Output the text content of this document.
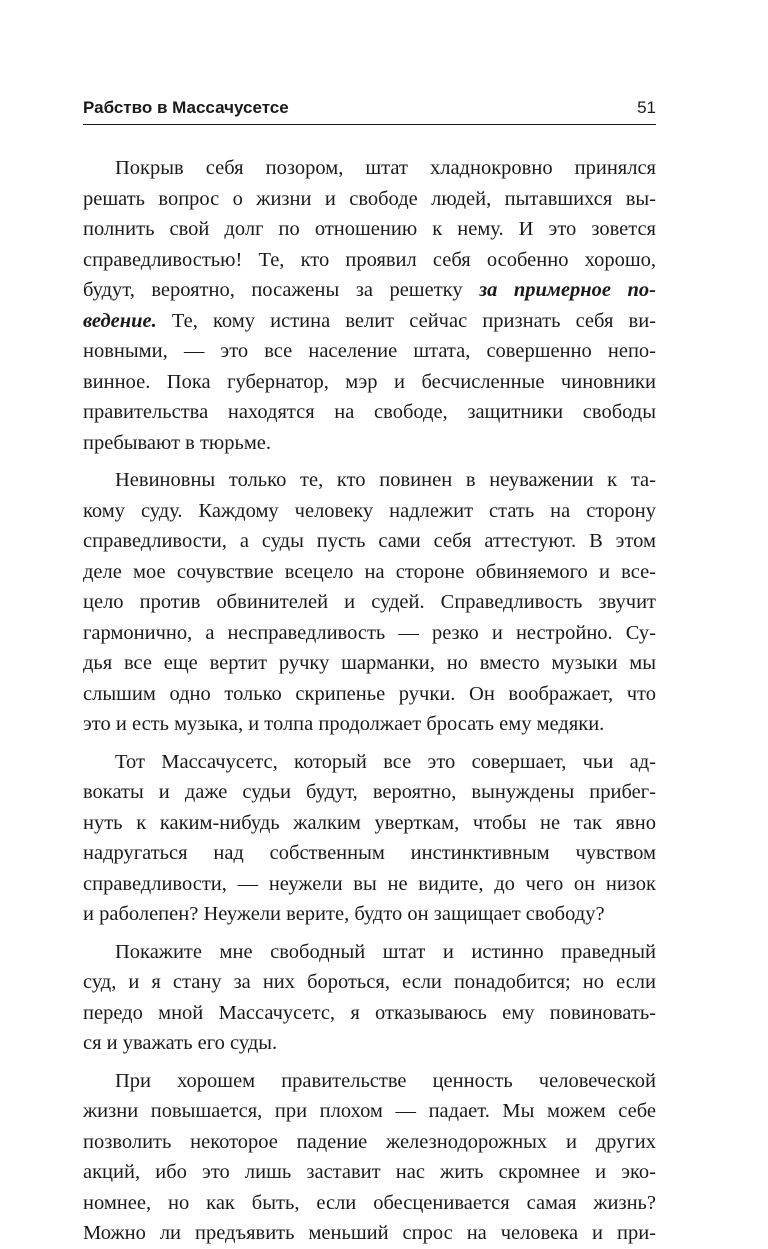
Рабство в Массачусетсе	51
Покрыв себя позором, штат хладнокровно принялся
решать вопрос о жизни и свободе людей, пытавшихся вы-
полнить свой долг по отношению к нему. И это зовется
справедливостью! Те, кто проявил себя особенно хорошо,
будут, вероятно, посажены за решетку за примерное по-
ведение. Те, кому истина велит сейчас признать себя ви-
новными, — это все население штата, совершенно непо-
винное. Пока губернатор, мэр и бесчисленные чиновники
правительства находятся на свободе, защитники свободы
пребывают в тюрьме.
Невиновны только те, кто повинен в неуважении к та-
кому суду. Каждому человеку надлежит стать на сторону
справедливости, а суды пусть сами себя аттестуют. В этом
деле мое сочувствие всецело на стороне обвиняемого и все-
цело против обвинителей и судей. Справедливость звучит
гармонично, а несправедливость — резко и нестройно. Су-
дья все еще вертит ручку шарманки, но вместо музыки мы
слышим одно только скрипенье ручки. Он воображает, что
это и есть музыка, и толпа продолжает бросать ему медяки.
Тот Массачусетс, который все это совершает, чьи ад-
вокаты и даже судьи будут, вероятно, вынуждены прибег-
нуть к каким-нибудь жалким уверткам, чтобы не так явно
надругаться над собственным инстинктивным чувством
справедливости, — неужели вы не видите, до чего он низок
и раболепен? Неужели верите, будто он защищает свободу?
Покажите мне свободный штат и истинно праведный
суд, и я стану за них бороться, если понадобится; но если
передо мной Массачусетс, я отказываюсь ему повиновать-
ся и уважать его суды.
При хорошем правительстве ценность человеческой
жизни повышается, при плохом — падает. Мы можем себе
позволить некоторое падение железнодорожных и других
акций, ибо это лишь заставит нас жить скромнее и эко-
номнее, но как быть, если обесценивается самая жизнь?
Можно ли предъявить меньший спрос на человека и при-
